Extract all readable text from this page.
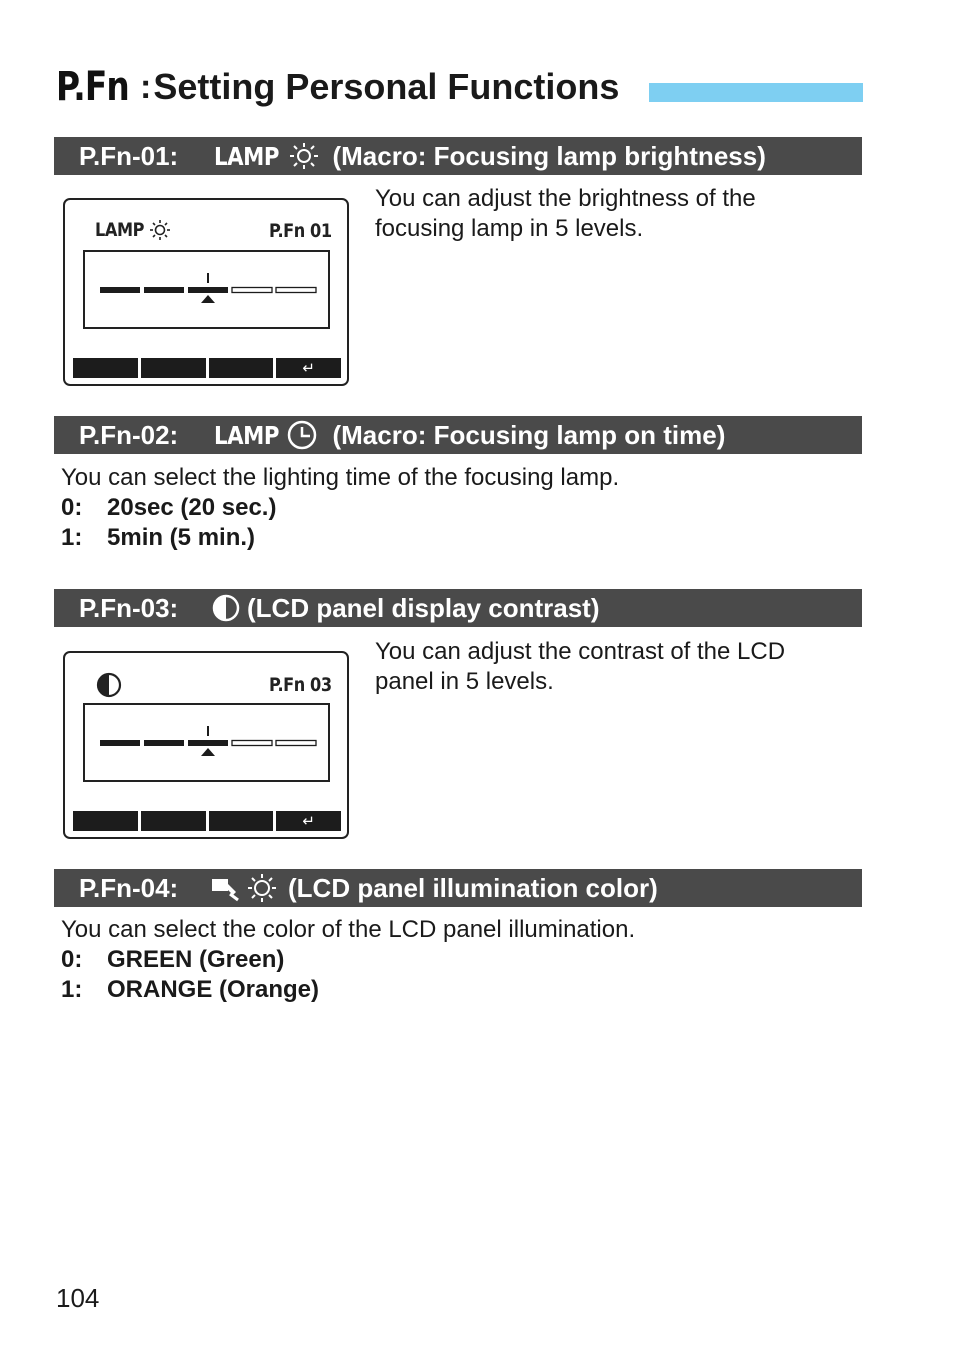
P.Fn : Setting Personal Functions
P.Fn-01:	LAMP (Macro: Focusing lamp brightness)
LAMP	P.Fn 01
↵
You can adjust the brightness of the
focusing lamp in 5 levels.
P.Fn-02:	LAMP (Macro: Focusing lamp on time)
You can select the lighting time of the focusing lamp.
0:	20sec (20 sec.)
1:	5min (5 min.)
P.Fn-03:	(LCD panel display contrast)
P.Fn 03
↵
You can adjust the contrast of the LCD
panel in 5 levels.
P.Fn-04:	(LCD panel illumination color)
You can select the color of the LCD panel illumination.
0:	GREEN (Green)
1:	ORANGE (Orange)
104
